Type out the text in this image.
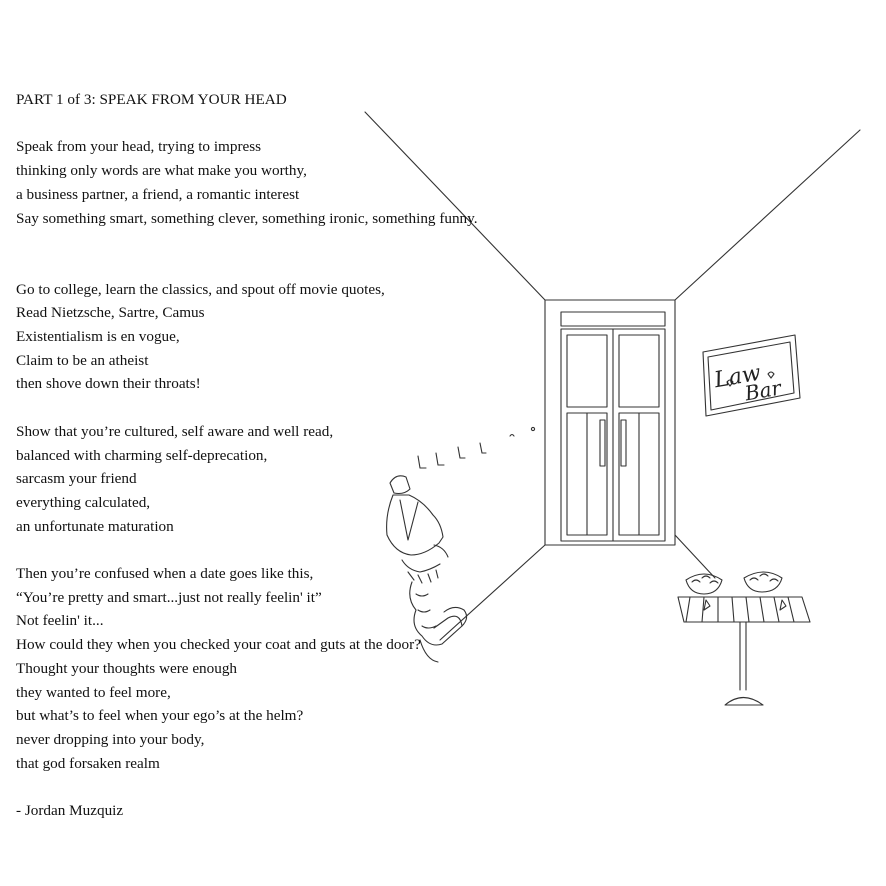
Law
Bar
PART 1 of 3: SPEAK FROM YOUR HEAD
Speak from your head, trying to impress
thinking only words are what make you worthy,
a business partner, a friend, a romantic interest
Say something smart, something clever, something ironic, something funny.
Go to college, learn the classics, and spout off movie quotes,
Read Nietzsche, Sartre, Camus
Existentialism is en vogue,
Claim to be an atheist
then shove down their throats!
Show that you’re cultured, self aware and well read,
balanced with charming self-deprecation,
sarcasm your friend
everything calculated,
an unfortunate maturation
Then you’re confused when a date goes like this,
“You’re pretty and smart...just not really feelin' it”
Not feelin' it...
How could they when you checked your coat and guts at the door?
Thought your thoughts were enough
they wanted to feel more,
but what’s to feel when your ego’s at the helm?
never dropping into your body,
that god forsaken realm
- Jordan Muzquiz
